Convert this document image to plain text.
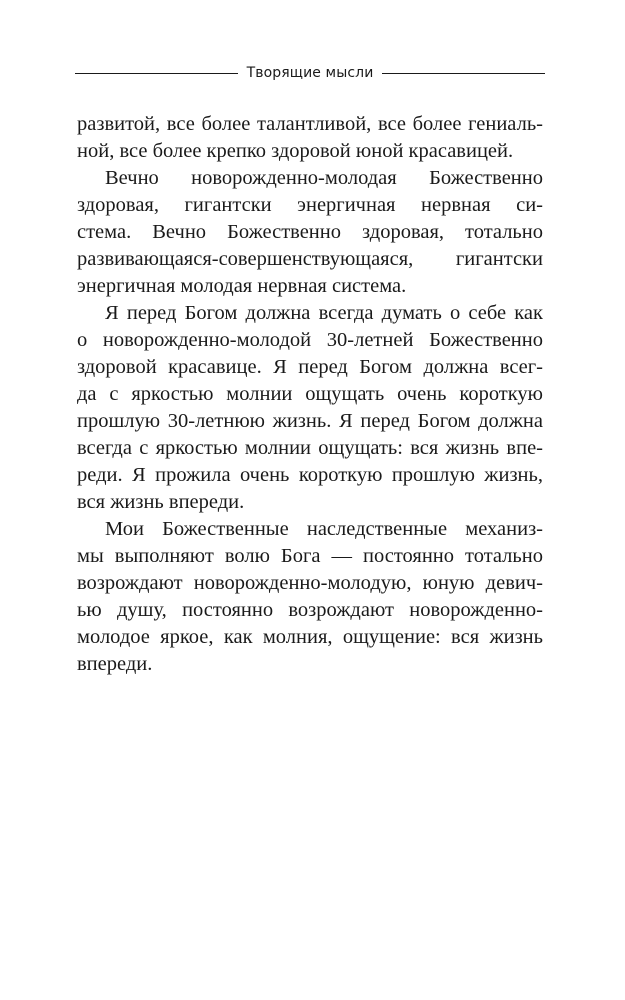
Творящие мысли

развитой, все более талантливой, все более гениаль-
ной, все более крепко здоровой юной красавицей.

Вечно новорожденно-молодая Божественно
здоровая, гигантски энергичная нервная си-
стема. Вечно Божественно здоровая, тотально
развивающаяся-совершенствующаяся, гигантски
энергичная молодая нервная система.

Я перед Богом должна всегда думать о себе как
о новорожденно-молодой 30-летней Божественно
здоровой красавице. Я перед Богом должна всег-
да с яркостью молнии ощущать очень короткую
прошлую 30-летнюю жизнь. Я перед Богом должна
всегда с яркостью молнии ощущать: вся жизнь впе-
реди. Я прожила очень короткую прошлую жизнь,
вся жизнь впереди.

Мои Божественные наследственные механиз-
мы выполняют волю Бога — постоянно тотально
возрождают новорожденно-молодую, юную девич-
ью душу, постоянно возрождают новорожденно-
молодое яркое, как молния, ощущение: вся жизнь
впереди.
